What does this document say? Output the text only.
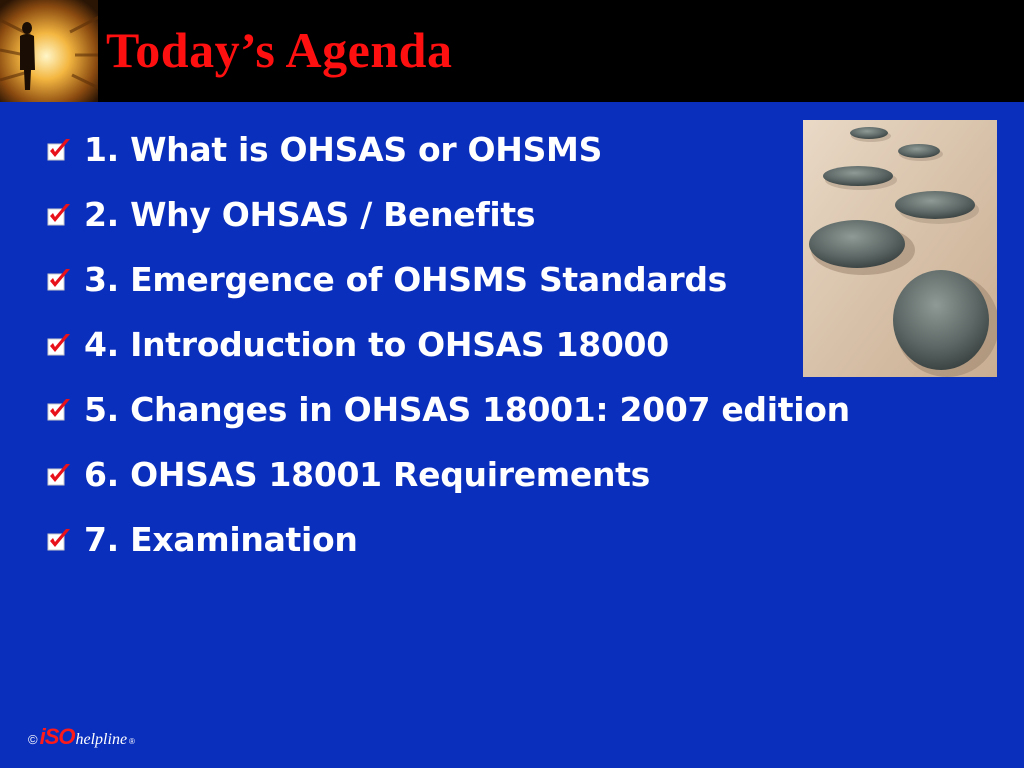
Today’s Agenda
1. What is OHSAS or OHSMS
2. Why OHSAS / Benefits
3. Emergence of OHSMS Standards
4. Introduction to OHSAS 18000
5. Changes in OHSAS 18001: 2007 edition
6. OHSAS 18001 Requirements
7. Examination
© iSO helpline ®
